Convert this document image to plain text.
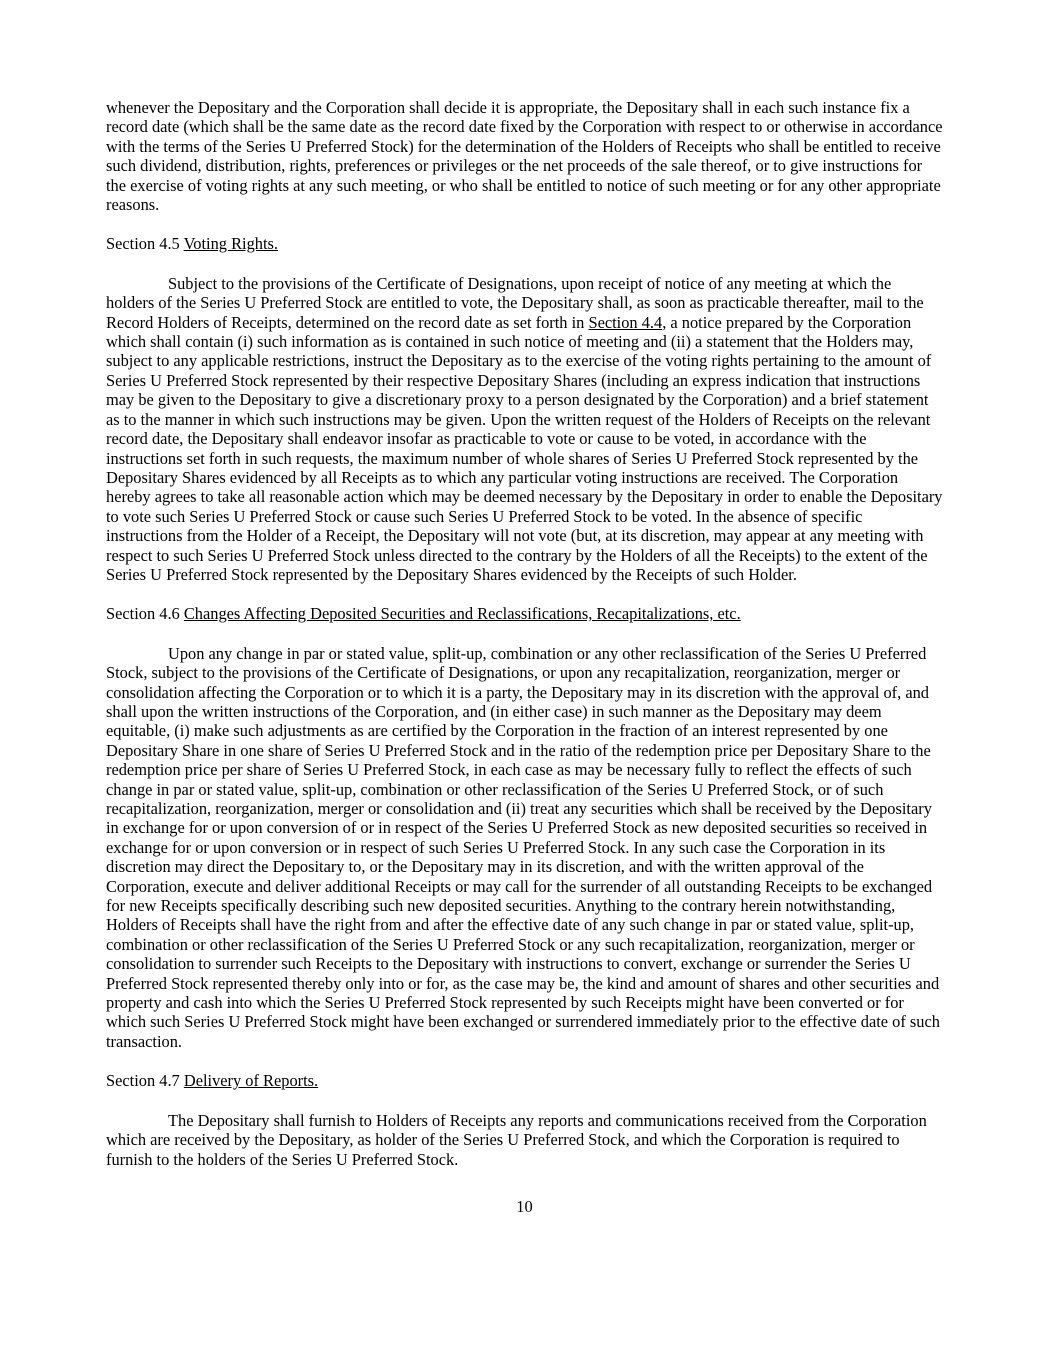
whenever the Depositary and the Corporation shall decide it is appropriate, the Depositary shall in each such instance fix a record date (which shall be the same date as the record date fixed by the Corporation with respect to or otherwise in accordance with the terms of the Series U Preferred Stock) for the determination of the Holders of Receipts who shall be entitled to receive such dividend, distribution, rights, preferences or privileges or the net proceeds of the sale thereof, or to give instructions for the exercise of voting rights at any such meeting, or who shall be entitled to notice of such meeting or for any other appropriate reasons.

Section 4.5 Voting Rights.

Subject to the provisions of the Certificate of Designations, upon receipt of notice of any meeting at which the holders of the Series U Preferred Stock are entitled to vote, the Depositary shall, as soon as practicable thereafter, mail to the Record Holders of Receipts, determined on the record date as set forth in Section 4.4, a notice prepared by the Corporation which shall contain (i) such information as is contained in such notice of meeting and (ii) a statement that the Holders may, subject to any applicable restrictions, instruct the Depositary as to the exercise of the voting rights pertaining to the amount of Series U Preferred Stock represented by their respective Depositary Shares (including an express indication that instructions may be given to the Depositary to give a discretionary proxy to a person designated by the Corporation) and a brief statement as to the manner in which such instructions may be given. Upon the written request of the Holders of Receipts on the relevant record date, the Depositary shall endeavor insofar as practicable to vote or cause to be voted, in accordance with the instructions set forth in such requests, the maximum number of whole shares of Series U Preferred Stock represented by the Depositary Shares evidenced by all Receipts as to which any particular voting instructions are received. The Corporation hereby agrees to take all reasonable action which may be deemed necessary by the Depositary in order to enable the Depositary to vote such Series U Preferred Stock or cause such Series U Preferred Stock to be voted. In the absence of specific instructions from the Holder of a Receipt, the Depositary will not vote (but, at its discretion, may appear at any meeting with respect to such Series U Preferred Stock unless directed to the contrary by the Holders of all the Receipts) to the extent of the Series U Preferred Stock represented by the Depositary Shares evidenced by the Receipts of such Holder.

Section 4.6 Changes Affecting Deposited Securities and Reclassifications, Recapitalizations, etc.

Upon any change in par or stated value, split-up, combination or any other reclassification of the Series U Preferred Stock, subject to the provisions of the Certificate of Designations, or upon any recapitalization, reorganization, merger or consolidation affecting the Corporation or to which it is a party, the Depositary may in its discretion with the approval of, and shall upon the written instructions of the Corporation, and (in either case) in such manner as the Depositary may deem equitable, (i) make such adjustments as are certified by the Corporation in the fraction of an interest represented by one Depositary Share in one share of Series U Preferred Stock and in the ratio of the redemption price per Depositary Share to the redemption price per share of Series U Preferred Stock, in each case as may be necessary fully to reflect the effects of such change in par or stated value, split-up, combination or other reclassification of the Series U Preferred Stock, or of such recapitalization, reorganization, merger or consolidation and (ii) treat any securities which shall be received by the Depositary in exchange for or upon conversion of or in respect of the Series U Preferred Stock as new deposited securities so received in exchange for or upon conversion or in respect of such Series U Preferred Stock. In any such case the Corporation in its discretion may direct the Depositary to, or the Depositary may in its discretion, and with the written approval of the Corporation, execute and deliver additional Receipts or may call for the surrender of all outstanding Receipts to be exchanged for new Receipts specifically describing such new deposited securities. Anything to the contrary herein notwithstanding, Holders of Receipts shall have the right from and after the effective date of any such change in par or stated value, split-up, combination or other reclassification of the Series U Preferred Stock or any such recapitalization, reorganization, merger or consolidation to surrender such Receipts to the Depositary with instructions to convert, exchange or surrender the Series U Preferred Stock represented thereby only into or for, as the case may be, the kind and amount of shares and other securities and property and cash into which the Series U Preferred Stock represented by such Receipts might have been converted or for which such Series U Preferred Stock might have been exchanged or surrendered immediately prior to the effective date of such transaction.

Section 4.7 Delivery of Reports.

The Depositary shall furnish to Holders of Receipts any reports and communications received from the Corporation which are received by the Depositary, as holder of the Series U Preferred Stock, and which the Corporation is required to furnish to the holders of the Series U Preferred Stock.

10
